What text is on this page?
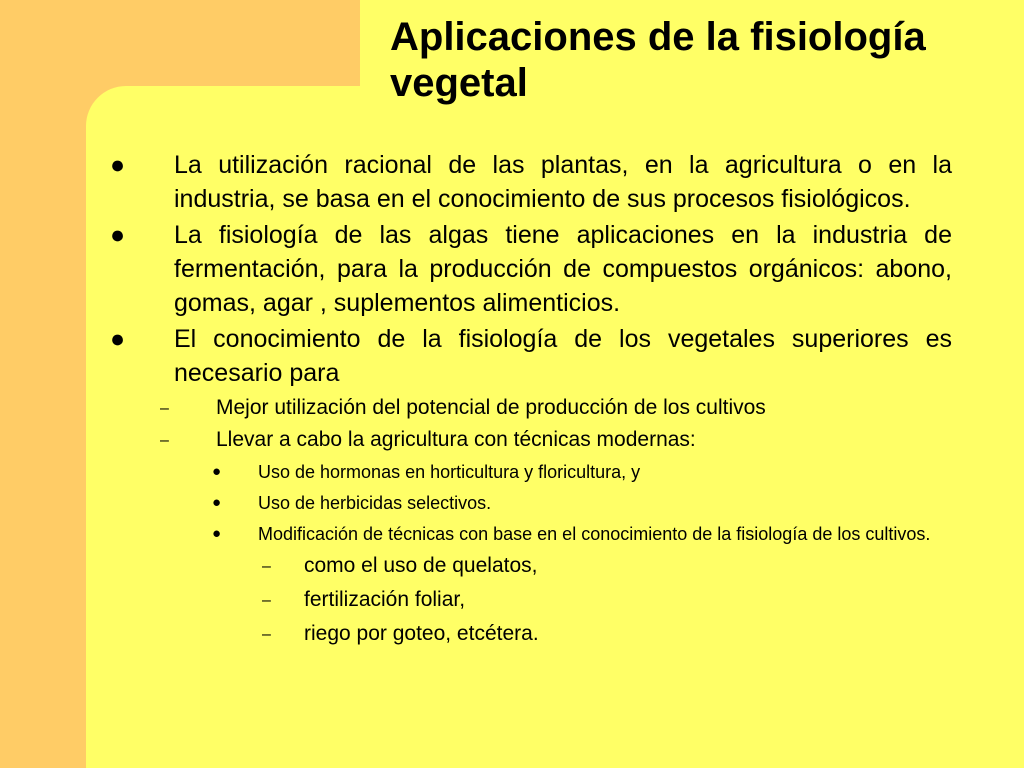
Aplicaciones de la fisiología vegetal
● La utilización racional de las plantas, en la agricultura o en la industria, se basa en el conocimiento de sus procesos fisiológicos.
● La fisiología de las algas tiene aplicaciones en la industria de fermentación, para la producción de compuestos orgánicos: abono, gomas, agar , suplementos alimenticios.
● El conocimiento de la fisiología de los vegetales superiores es necesario para
– Mejor utilización del potencial de producción de los cultivos
– Llevar a cabo la agricultura con técnicas modernas:
● Uso de hormonas en horticultura y floricultura, y
● Uso de herbicidas selectivos.
● Modificación de técnicas con base en el conocimiento de la fisiología de los cultivos.
– como el uso de quelatos,
– fertilización foliar,
– riego por goteo, etcétera.
